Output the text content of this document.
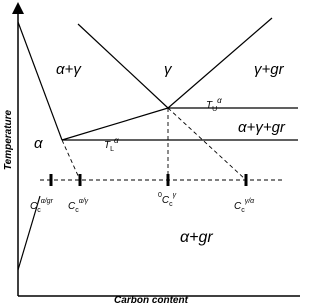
α+γ	γ	γ+gr
α+γ+gr
α
α+gr
$TU^\alpha$
$TL^\alpha$
$_Cc^{\alpha/gr}$ $_Cc^{\alpha/\gamma}$
$^0_Cc^\gamma$
$_Cc^{\gamma/\alpha}$
Temperature
Carbon content
